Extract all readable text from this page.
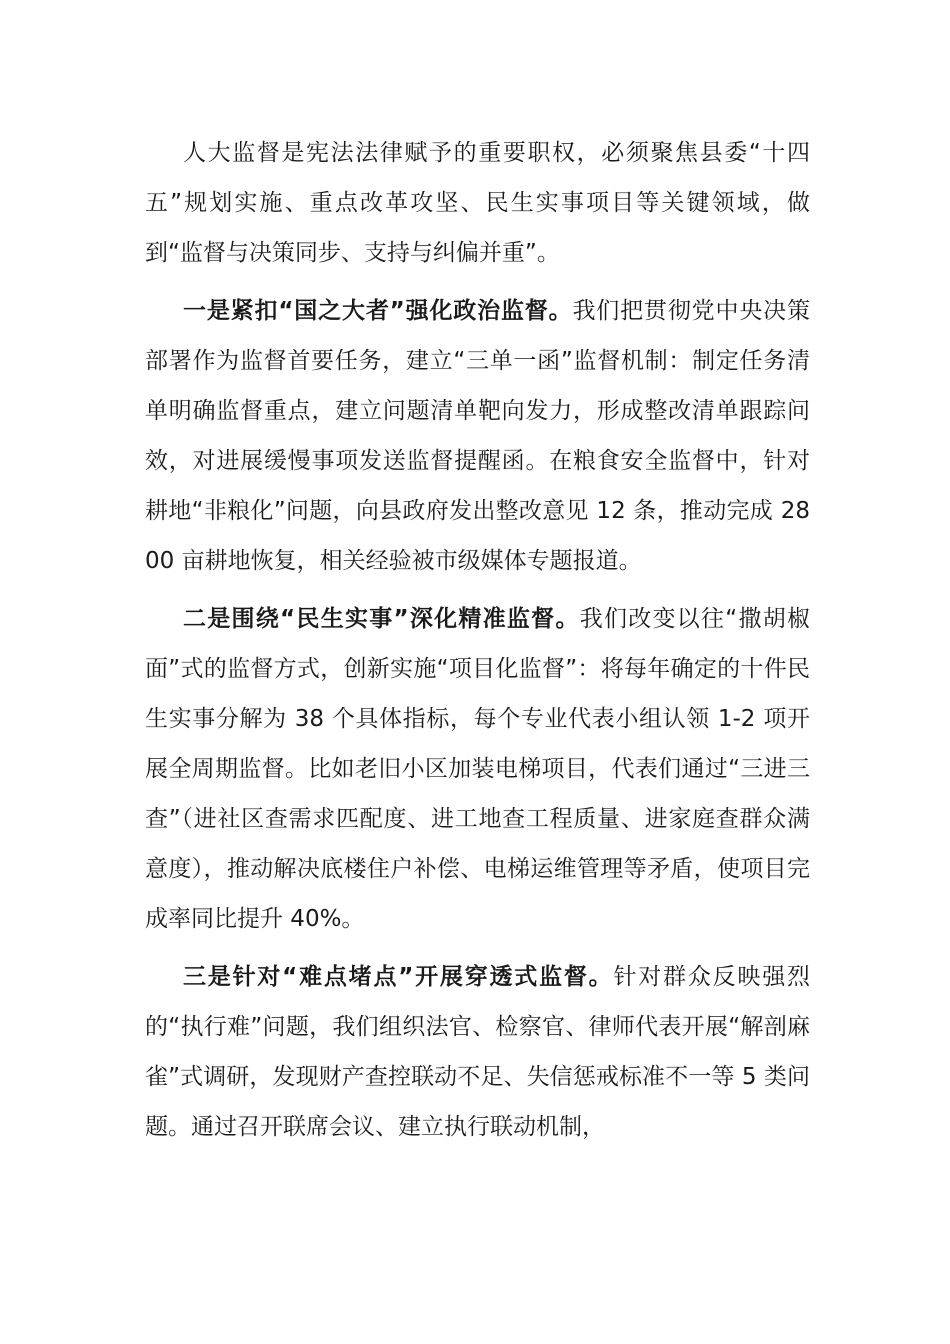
人大监督是宪法法律赋予的重要职权，必须聚焦县委“十四五”规划实施、重点改革攻坚、民生实事项目等关键领域，做到“监督与决策同步、支持与纠偏并重”。

一是紧扣“国之大者”强化政治监督。我们把贯彻党中央决策部署作为监督首要任务，建立“三单一函”监督机制：制定任务清单明确监督重点，建立问题清单靶向发力，形成整改清单跟踪问效，对进展缓慢事项发送监督提醒函。在粮食安全监督中，针对耕地“非粮化”问题，向县政府发出整改意见 12 条，推动完成 2800 亩耕地恢复，相关经验被市级媒体专题报道。

二是围绕“民生实事”深化精准监督。我们改变以往“撒胡椒面”式的监督方式，创新实施“项目化监督”：将每年确定的十件民生实事分解为 38 个具体指标，每个专业代表小组认领 1-2 项开展全周期监督。比如老旧小区加装电梯项目，代表们通过“三进三查”（进社区查需求匹配度、进工地查工程质量、进家庭查群众满意度），推动解决底楼住户补偿、电梯运维管理等矛盾，使项目完成率同比提升 40%。

三是针对“难点堵点”开展穿透式监督。针对群众反映强烈的“执行难”问题，我们组织法官、检察官、律师代表开展“解剖麻雀”式调研，发现财产查控联动不足、失信惩戒标准不一等 5 类问题。通过召开联席会议、建立执行联动机制，
